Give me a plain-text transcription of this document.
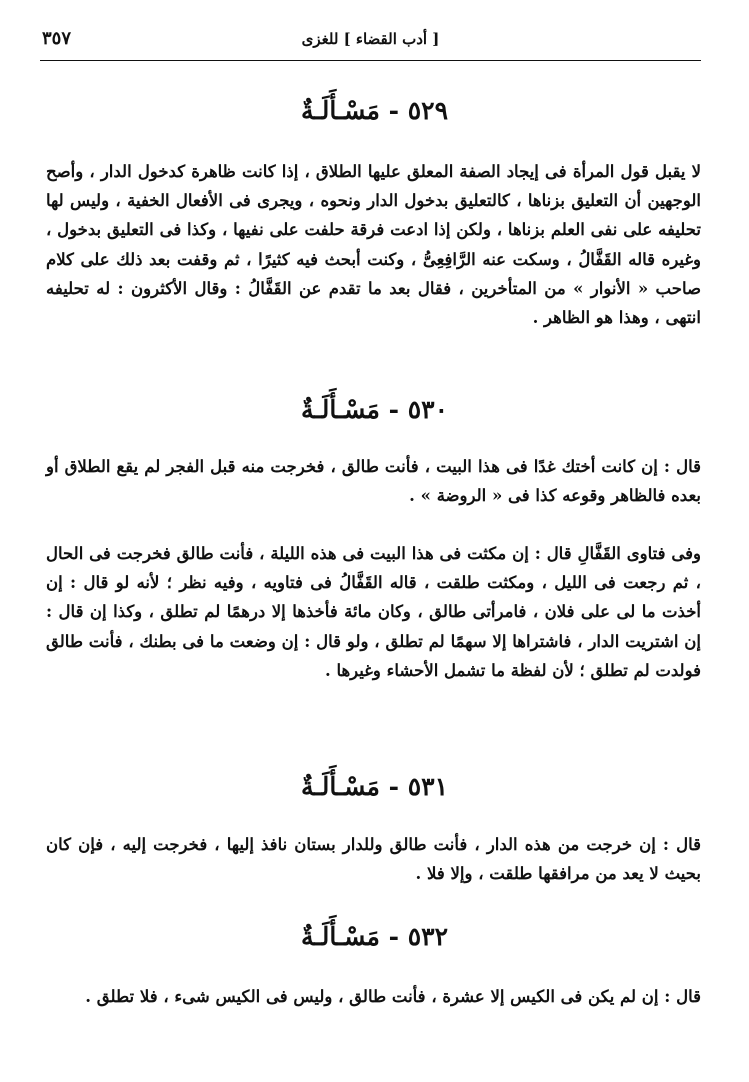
[ أدب القضاء ] للغزى
٣٥٧
٥٢٩ - مَسْـأَلَـةٌ

لا يقبل قول المرأة فى إيجاد الصفة المعلق عليها الطلاق ، إذا كانت ظاهرة كدخول الدار ، وأصح الوجهين أن التعليق بزناها ، كالتعليق بدخول الدار ونحوه ، ويجرى فى الأفعال الخفية ، وليس لها تحليفه على نفى العلم بزناها ، ولكن إذا ادعت فرقة حلفت على نفيها ، وكذا فى التعليق بدخول ، وغيره قاله القَفَّالُ ، وسكت عنه الرَّافِعِىُّ ، وكنت أبحث فيه كثيرًا ، ثم وقفت بعد ذلك على كلام صاحب « الأنوار » من المتأخرين ، فقال بعد ما تقدم عن القَفَّالُ : وقال الأكثرون : له تحليفه انتهى ، وهذا هو الظاهر .

٥٣٠ - مَسْـأَلَـةٌ

قال : إن كانت أختك غدًا فى هذا البيت ، فأنت طالق ، فخرجت منه قبل الفجر لم يقع الطلاق أو بعده فالظاهر وقوعه كذا فى « الروضة » .

وفى فتاوى القَفَّالِ قال : إن مكثت فى هذا البيت فى هذه الليلة ، فأنت طالق فخرجت فى الحال ، ثم رجعت فى الليل ، ومكثت طلقت ، قاله القَفَّالُ فى فتاويه ، وفيه نظر ؛ لأنه لو قال : إن أخذت ما لى على فلان ، فامرأتى طالق ، وكان مائة فأخذها إلا درهمًا لم تطلق ، وكذا إن قال : إن اشتريت الدار ، فاشتراها إلا سهمًا لم تطلق ، ولو قال : إن وضعت ما فى بطنك ، فأنت طالق فولدت لم تطلق ؛ لأن لفظة ما تشمل الأحشاء وغيرها .

٥٣١ - مَسْـأَلَـةٌ

قال : إن خرجت من هذه الدار ، فأنت طالق وللدار بستان نافذ إليها ، فخرجت إليه ، فإن كان بحيث لا يعد من مرافقها طلقت ، وإلا فلا .

٥٣٢ - مَسْـأَلَـةٌ

قال : إن لم يكن فى الكيس إلا عشرة ، فأنت طالق ، وليس فى الكيس شىء ، فلا تطلق .
